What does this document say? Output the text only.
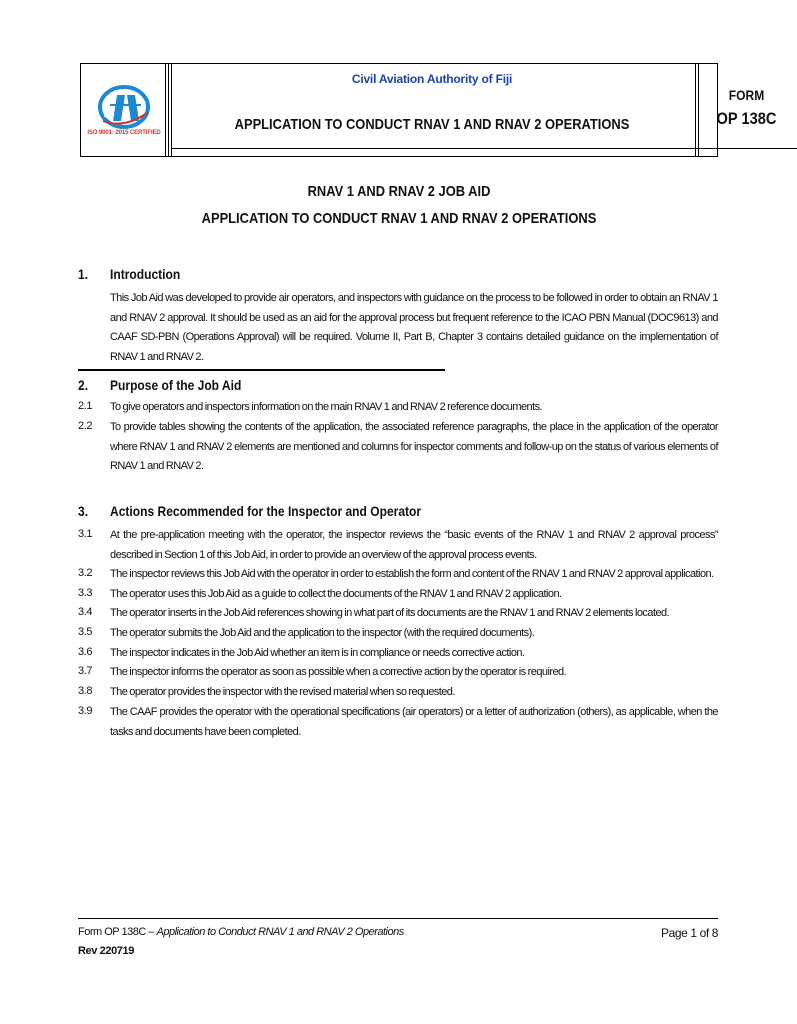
ISO 9001: 2015 CERTIFIED
Civil Aviation Authority of Fiji
APPLICATION TO CONDUCT RNAV 1 AND RNAV 2 OPERATIONS
FORM
OP 138C
RNAV 1 AND RNAV 2 JOB AID
APPLICATION TO CONDUCT RNAV 1 AND RNAV 2 OPERATIONS
1. Introduction
This Job Aid was developed to provide air operators, and inspectors with guidance on the process to be followed in order to obtain an RNAV 1 and RNAV 2 approval. It should be used as an aid for the approval process but frequent reference to the ICAO PBN Manual (DOC9613) and CAAF SD-PBN (Operations Approval) will be required. Volume II, Part B, Chapter 3 contains detailed guidance on the implementation of RNAV 1 and RNAV 2.
2. Purpose of the Job Aid
2.1 To give operators and inspectors information on the main RNAV 1 and RNAV 2 reference documents.
2.2 To provide tables showing the contents of the application, the associated reference paragraphs, the place in the application of the operator where RNAV 1 and RNAV 2 elements are mentioned and columns for inspector comments and follow-up on the status of various elements of RNAV 1 and RNAV 2.
3. Actions Recommended for the Inspector and Operator
3.1 At the pre-application meeting with the operator, the inspector reviews the “basic events of the RNAV 1 and RNAV 2 approval process” described in Section 1 of this Job Aid, in order to provide an overview of the approval process events.
3.2 The inspector reviews this Job Aid with the operator in order to establish the form and content of the RNAV 1 and RNAV 2 approval application.
3.3 The operator uses this Job Aid as a guide to collect the documents of the RNAV 1 and RNAV 2 application.
3.4 The operator inserts in the Job Aid references showing in what part of its documents are the RNAV 1 and RNAV 2 elements located.
3.5 The operator submits the Job Aid and the application to the inspector (with the required documents).
3.6 The inspector indicates in the Job Aid whether an item is in compliance or needs corrective action.
3.7 The inspector informs the operator as soon as possible when a corrective action by the operator is required.
3.8 The operator provides the inspector with the revised material when so requested.
3.9 The CAAF provides the operator with the operational specifications (air operators) or a letter of authorization (others), as applicable, when the tasks and documents have been completed.
Form OP 138C – Application to Conduct RNAV 1 and RNAV 2 Operations
Rev 220719
Page 1 of 8
